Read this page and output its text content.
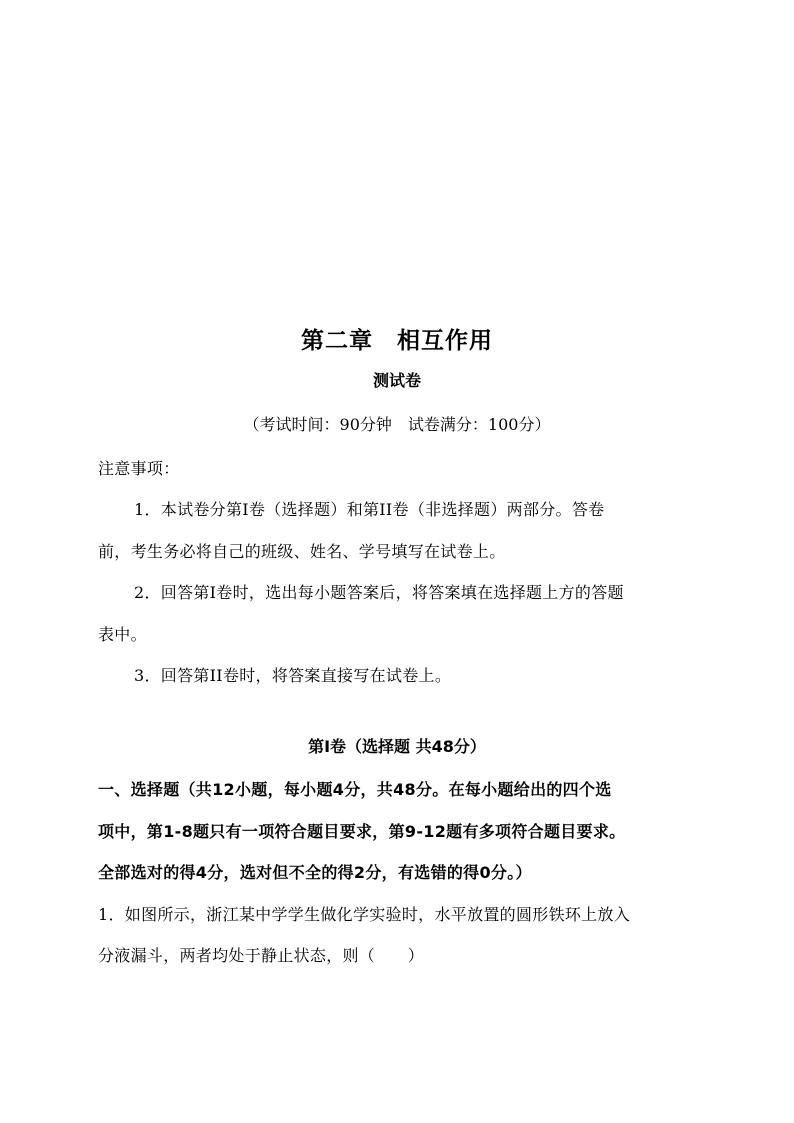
第二章　相互作用
测试卷
（考试时间：90分钟　试卷满分：100分）
注意事项：
1．本试卷分第Ⅰ卷（选择题）和第ⅠⅠ卷（非选择题）两部分。答卷
前，考生务必将自己的班级、姓名、学号填写在试卷上。
2．回答第Ⅰ卷时，选出每小题答案后，将答案填在选择题上方的答题
表中。
3．回答第ⅠⅠ卷时，将答案直接写在试卷上。
第Ⅰ卷（选择题 共48分）
一、选择题（共12小题，每小题4分，共48分。在每小题给出的四个选
项中，第1-8题只有一项符合题目要求，第9-12题有多项符合题目要求。
全部选对的得4分，选对但不全的得2分，有选错的得0分。）
1．如图所示，浙江某中学学生做化学实验时，水平放置的圆形铁环上放入
分液漏斗，两者均处于静止状态，则（　　）
